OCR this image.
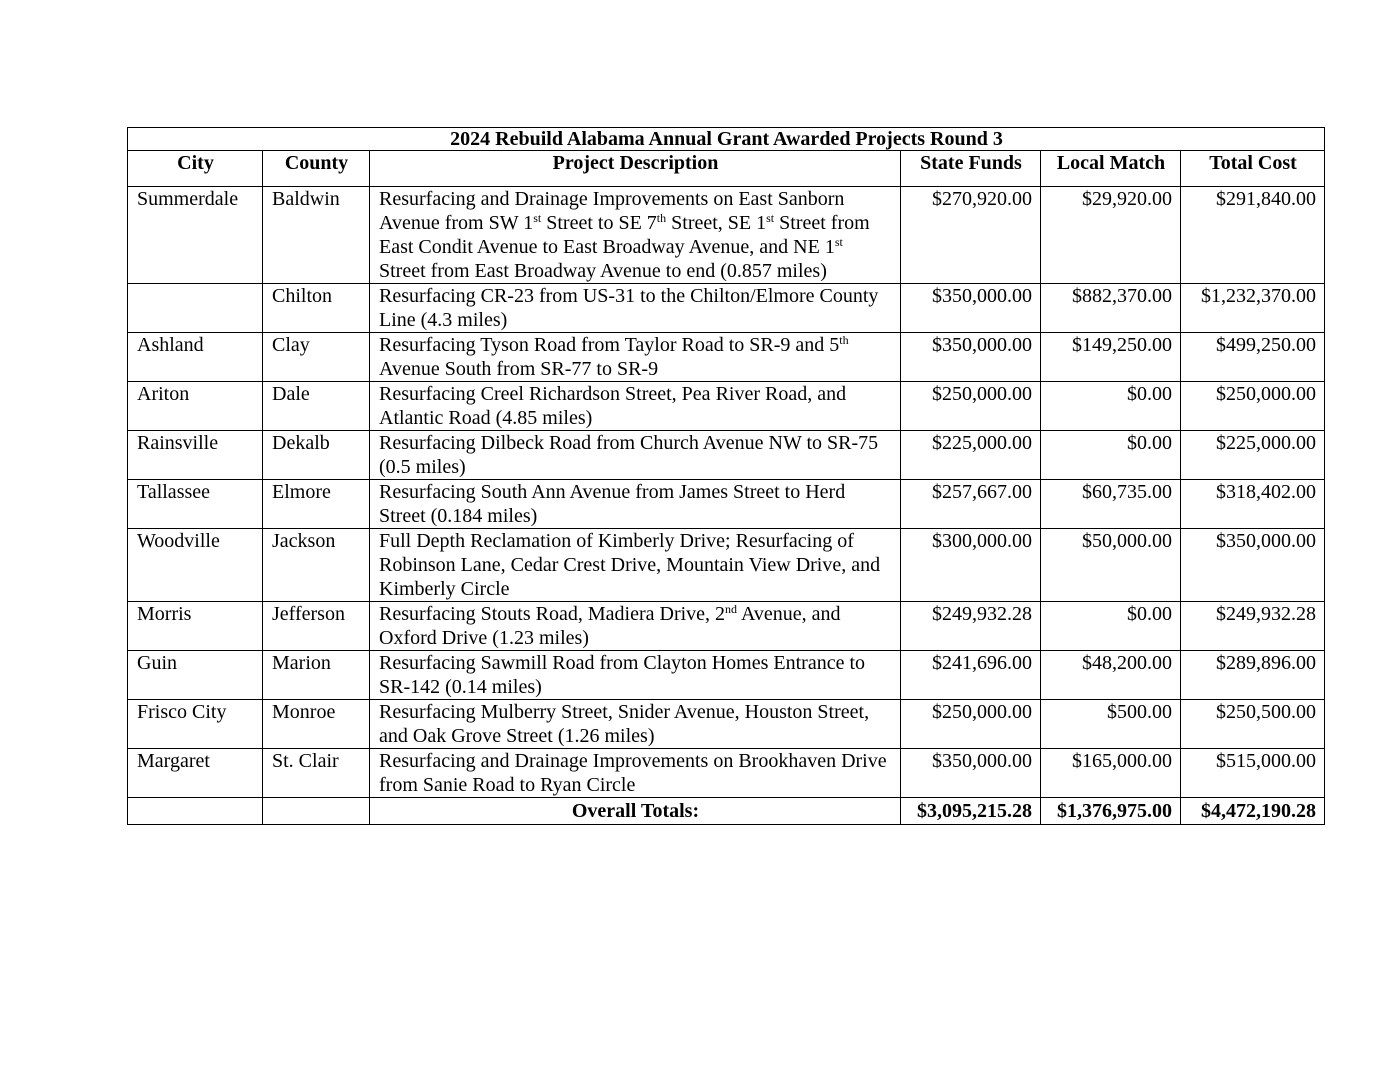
2024 Rebuild Alabama Annual Grant Awarded Projects Round 3					
City	County	Project Description	State Funds	Local Match	Total Cost
Summerdale	Baldwin	Resurfacing and Drainage Improvements on East Sanborn Avenue from SW 1st Street to SE 7th Street, SE 1st Street from East Condit Avenue to East Broadway Avenue, and NE 1st Street from East Broadway Avenue to end (0.857 miles)	$270,920.00	$29,920.00	$291,840.00
	Chilton	Resurfacing CR-23 from US-31 to the Chilton/Elmore County Line (4.3 miles)	$350,000.00	$882,370.00	$1,232,370.00
Ashland	Clay	Resurfacing Tyson Road from Taylor Road to SR-9 and 5th Avenue South from SR-77 to SR-9	$350,000.00	$149,250.00	$499,250.00
Ariton	Dale	Resurfacing Creel Richardson Street, Pea River Road, and Atlantic Road (4.85 miles)	$250,000.00	$0.00	$250,000.00
Rainsville	Dekalb	Resurfacing Dilbeck Road from Church Avenue NW to SR-75 (0.5 miles)	$225,000.00	$0.00	$225,000.00
Tallassee	Elmore	Resurfacing South Ann Avenue from James Street to Herd Street (0.184 miles)	$257,667.00	$60,735.00	$318,402.00
Woodville	Jackson	Full Depth Reclamation of Kimberly Drive; Resurfacing of Robinson Lane, Cedar Crest Drive, Mountain View Drive, and Kimberly Circle	$300,000.00	$50,000.00	$350,000.00
Morris	Jefferson	Resurfacing Stouts Road, Madiera Drive, 2nd Avenue, and Oxford Drive (1.23 miles)	$249,932.28	$0.00	$249,932.28
Guin	Marion	Resurfacing Sawmill Road from Clayton Homes Entrance to SR-142 (0.14 miles)	$241,696.00	$48,200.00	$289,896.00
Frisco City	Monroe	Resurfacing Mulberry Street, Snider Avenue, Houston Street, and Oak Grove Street (1.26 miles)	$250,000.00	$500.00	$250,500.00
Margaret	St. Clair	Resurfacing and Drainage Improvements on Brookhaven Drive from Sanie Road to Ryan Circle	$350,000.00	$165,000.00	$515,000.00
		Overall Totals:	$3,095,215.28	$1,376,975.00	$4,472,190.28
